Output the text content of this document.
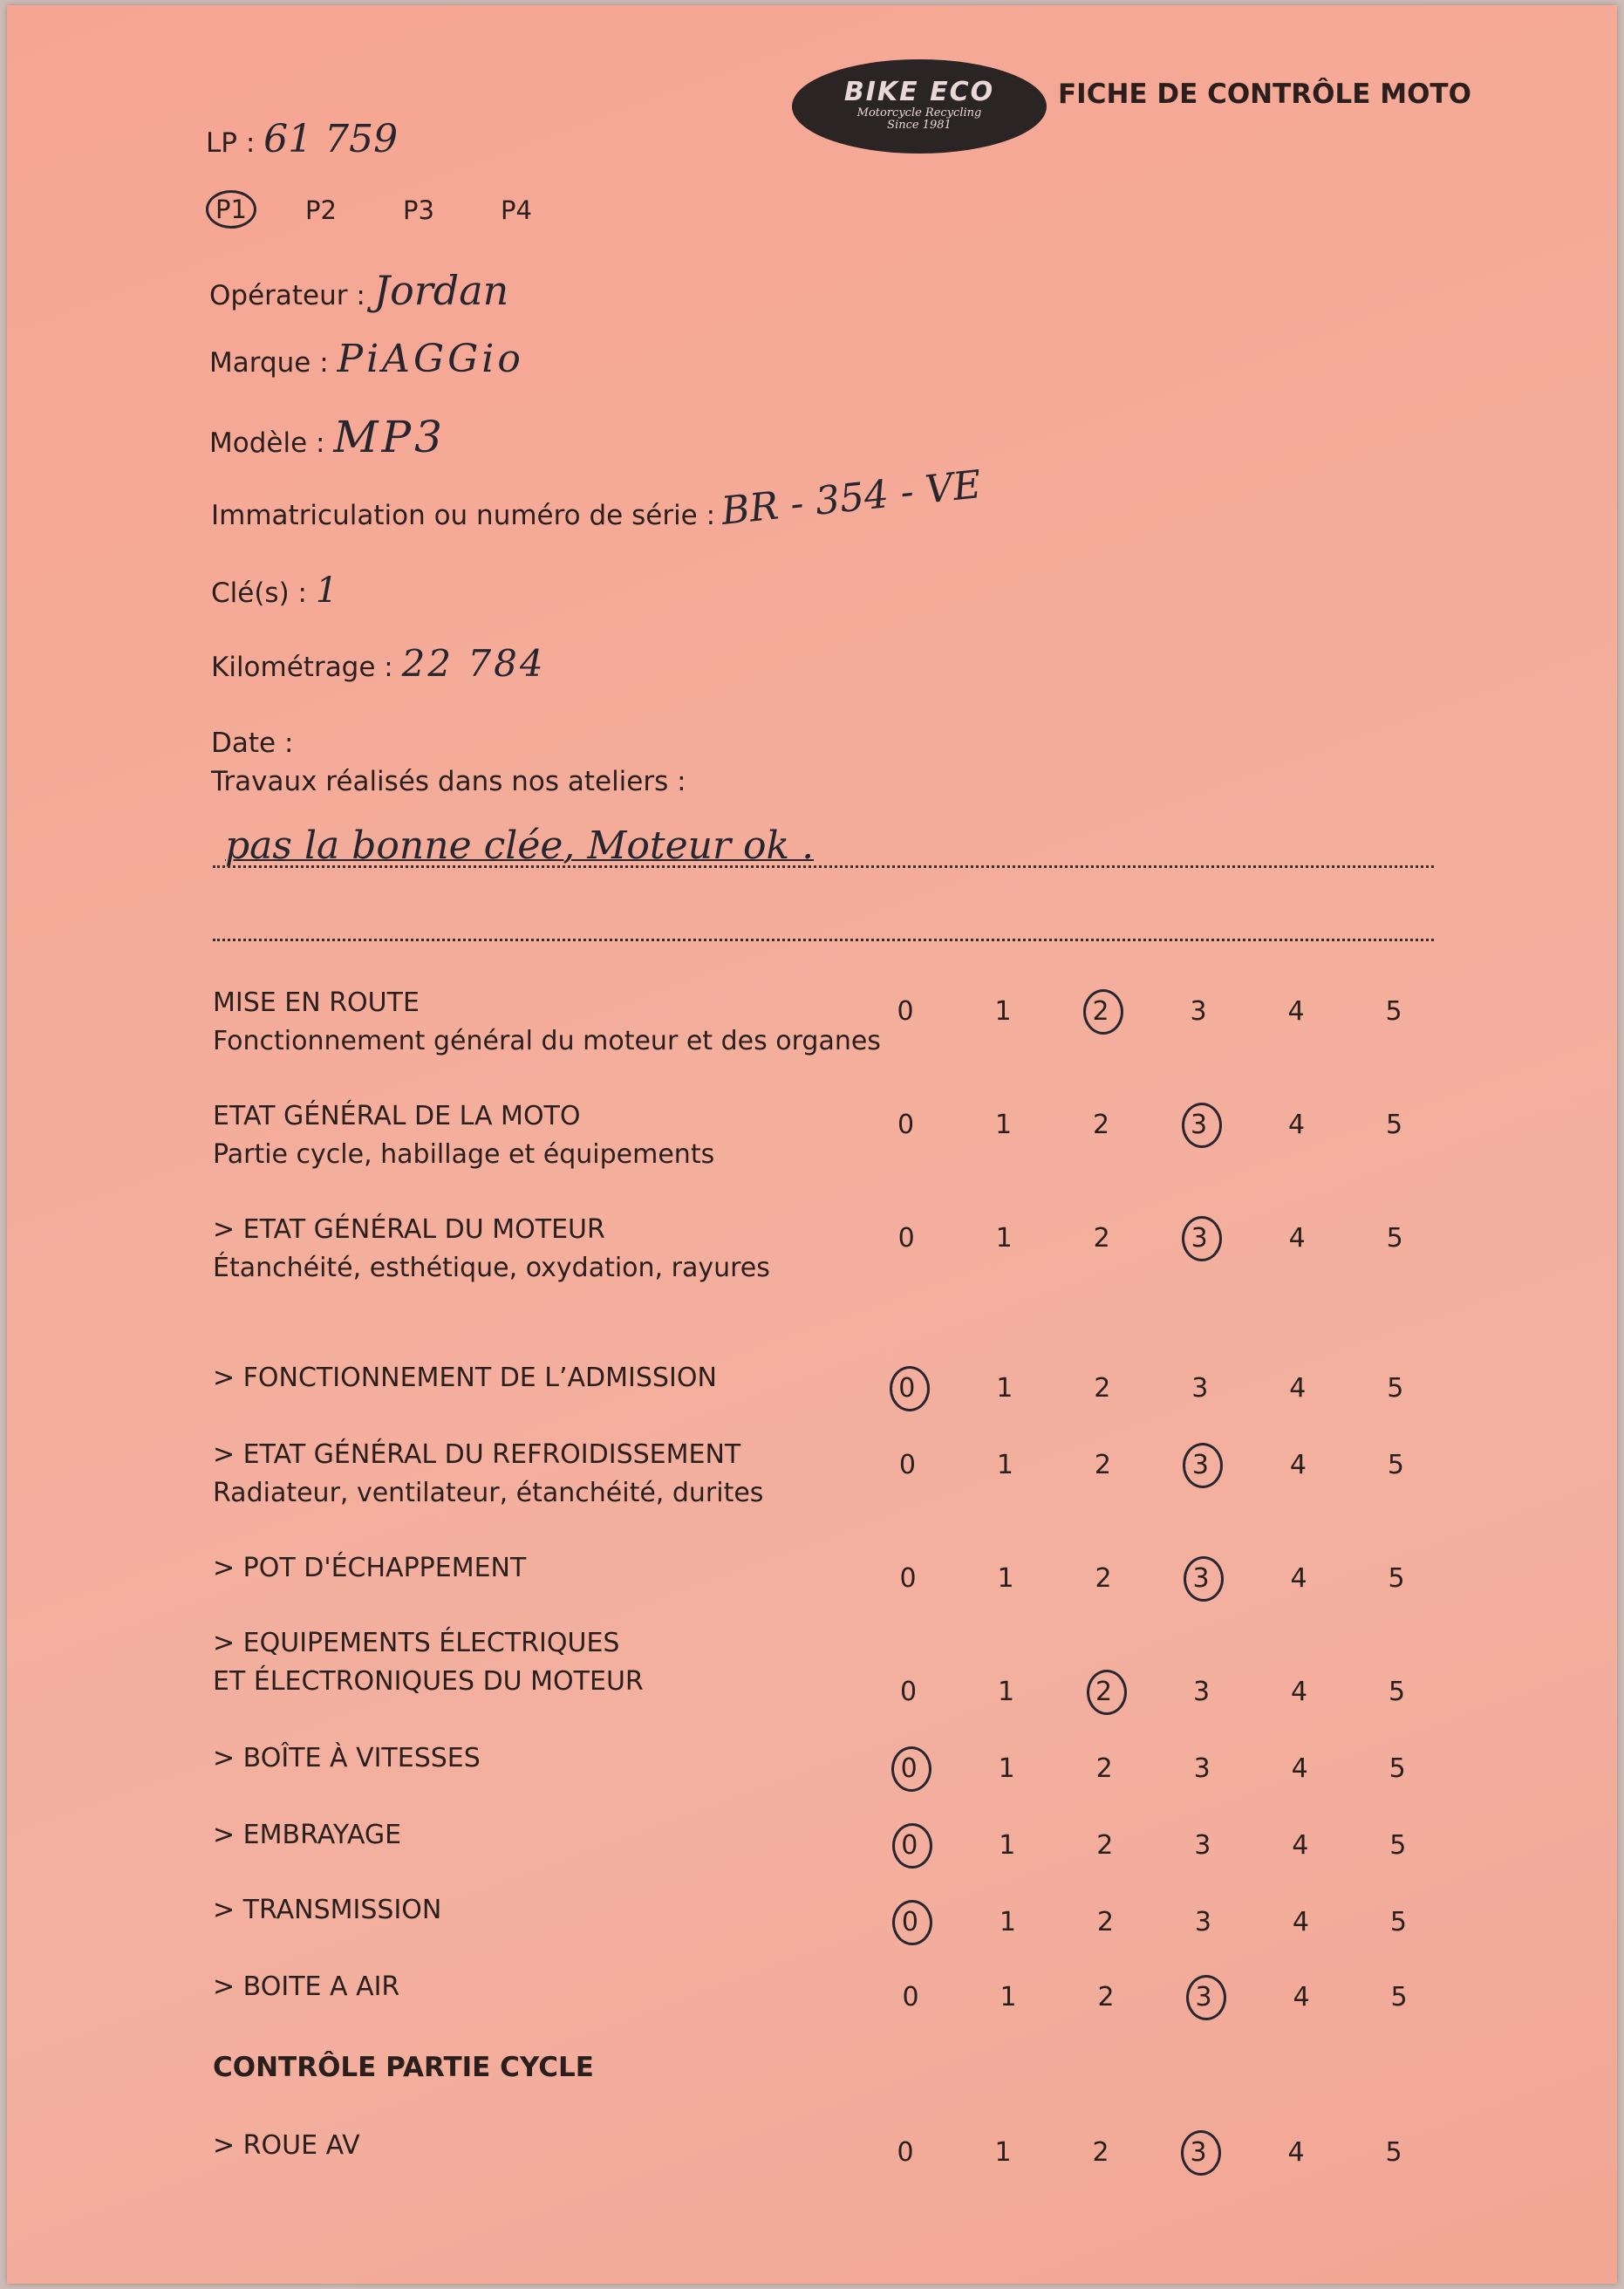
LP : 61 759
BIKE ECO
Motorcycle Recycling
Since 1981
FICHE DE CONTRÔLE MOTO
P1	P2	P3	P4
Opérateur : Jordan
Marque : PiAGGio
Modèle : MP3
Immatriculation ou numéro de série : BR - 354 - VE
Clé(s) : 1
Kilométrage : 22 784
Date :
Travaux réalisés dans nos ateliers :
pas la bonne clée, Moteur ok .
MISE EN ROUTE
Fonctionnement général du moteur et des organes
0	1	2	3	4	5
ETAT GÉNÉRAL DE LA MOTO
Partie cycle, habillage et équipements
0	1	2	3	4	5
> ETAT GÉNÉRAL DU MOTEUR
Étanchéité, esthétique, oxydation, rayures
0	1	2	3	4	5
> FONCTIONNEMENT DE L’ADMISSION	0	1	2	3	4	5
> ETAT GÉNÉRAL DU REFROIDISSEMENT
Radiateur, ventilateur, étanchéité, durites
0	1	2	3	4	5
> POT D'ÉCHAPPEMENT	0	1	2	3	4	5
> EQUIPEMENTS ÉLECTRIQUES
ET ÉLECTRONIQUES DU MOTEUR	0	1	2	3	4	5
> BOÎTE À VITESSES	0	1	2	3	4	5
> EMBRAYAGE	0	1	2	3	4	5
> TRANSMISSION	0	1	2	3	4	5
> BOITE A AIR	0	1	2	3	4	5
CONTRÔLE PARTIE CYCLE
> ROUE AV	0	1	2	3	4	5
